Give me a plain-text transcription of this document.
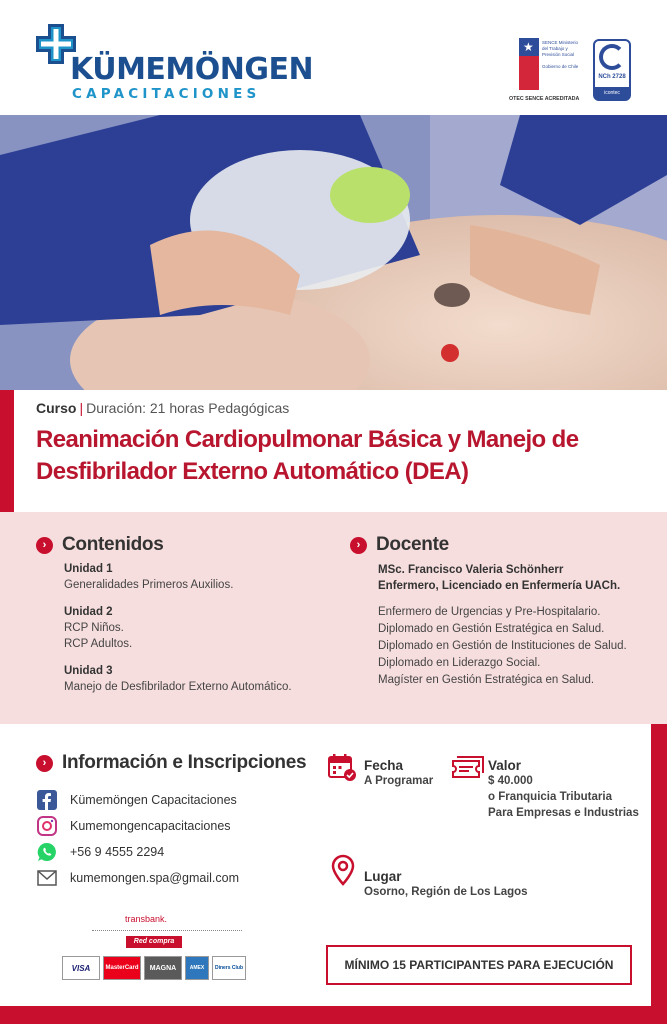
KÜMEMÖNGEN
CAPACITACIONES
★ SENCE Ministerio del Trabajo y Previsión Social

Gobierno de Chile
OTEC SENCE ACREDITADA
NCh 2728
icontec
Curso | Duración: 21 horas Pedagógicas
Reanimación Cardiopulmonar Básica y Manejo de Desfibrilador Externo Automático (DEA)
› Contenidos
Unidad 1
Generalidades Primeros Auxilios.
Unidad 2
RCP Niños.
RCP Adultos.
Unidad 3
Manejo de Desfibrilador Externo Automático.
› Docente
MSc. Francisco Valeria Schönherr
Enfermero, Licenciado en Enfermería UACh.
Enfermero de Urgencias y Pre-Hospitalario.
Diplomado en Gestión Estratégica en Salud.
Diplomado en Gestión de Instituciones de Salud.
Diplomado en Liderazgo Social.
Magíster en Gestión Estratégica en Salud.
› Información e Inscripciones
Kümemöngen Capacitaciones
Kumemongencapacitaciones
+56 9 4555 2294
kumemongen.spa@gmail.com
Fecha
A Programar
Valor
$ 40.000
o Franquicia Tributaria
Para Empresas e Industrias
Lugar
Osorno, Región de Los Lagos
transbank.
Red compra
VISA	MasterCard	MAGNA	AMEX	Diners Club	MÍNIMO 15 PARTICIPANTES PARA EJECUCIÓN
